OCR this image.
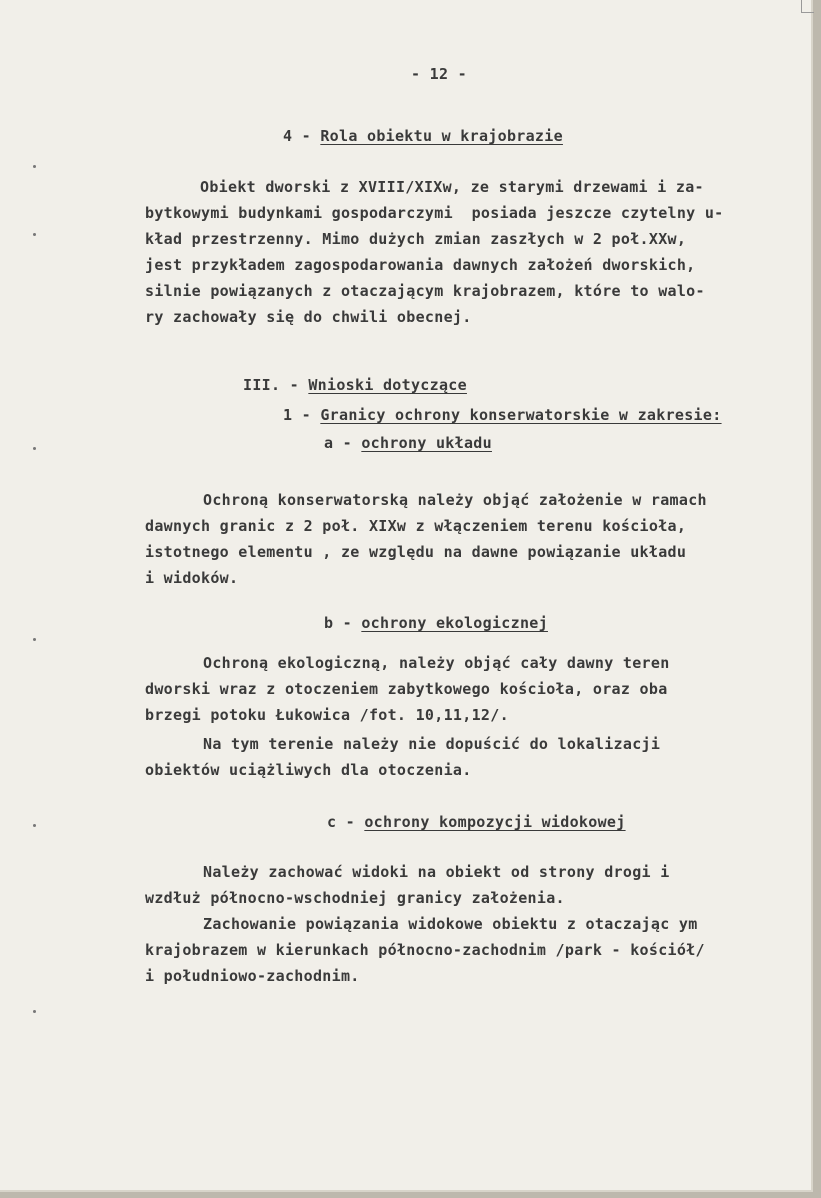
- 12 -
4 - Rola obiektu w krajobrazie
Obiekt dworski z XVIII/XIXw, ze starymi drzewami i za-
bytkowymi budynkami gospodarczymi  posiada jeszcze czytelny u-
kład przestrzenny. Mimo dużych zmian zaszłych w 2 poł.XXw,
jest przykładem zagospodarowania dawnych założeń dworskich,
silnie powiązanych z otaczającym krajobrazem, które to walo-
ry zachowały się do chwili obecnej.
III. - Wnioski dotyczące
1 - Granicy ochrony konserwatorskie w zakresie:
a - ochrony układu
Ochroną konserwatorską należy objąć założenie w ramach
dawnych granic z 2 poł. XIXw z włączeniem terenu kościoła,
istotnego elementu , ze względu na dawne powiązanie układu
i widoków.
b - ochrony ekologicznej
Ochroną ekologiczną, należy objąć cały dawny teren
dworski wraz z otoczeniem zabytkowego kościoła, oraz oba
brzegi potoku Łukowica /fot. 10,11,12/.
Na tym terenie należy nie dopuścić do lokalizacji
obiektów uciążliwych dla otoczenia.
c - ochrony kompozycji widokowej
Należy zachować widoki na obiekt od strony drogi i
wzdłuż północno-wschodniej granicy założenia.
Zachowanie powiązania widokowe obiektu z otaczając ym
krajobrazem w kierunkach północno-zachodnim /park - kościół/
i południowo-zachodnim.
